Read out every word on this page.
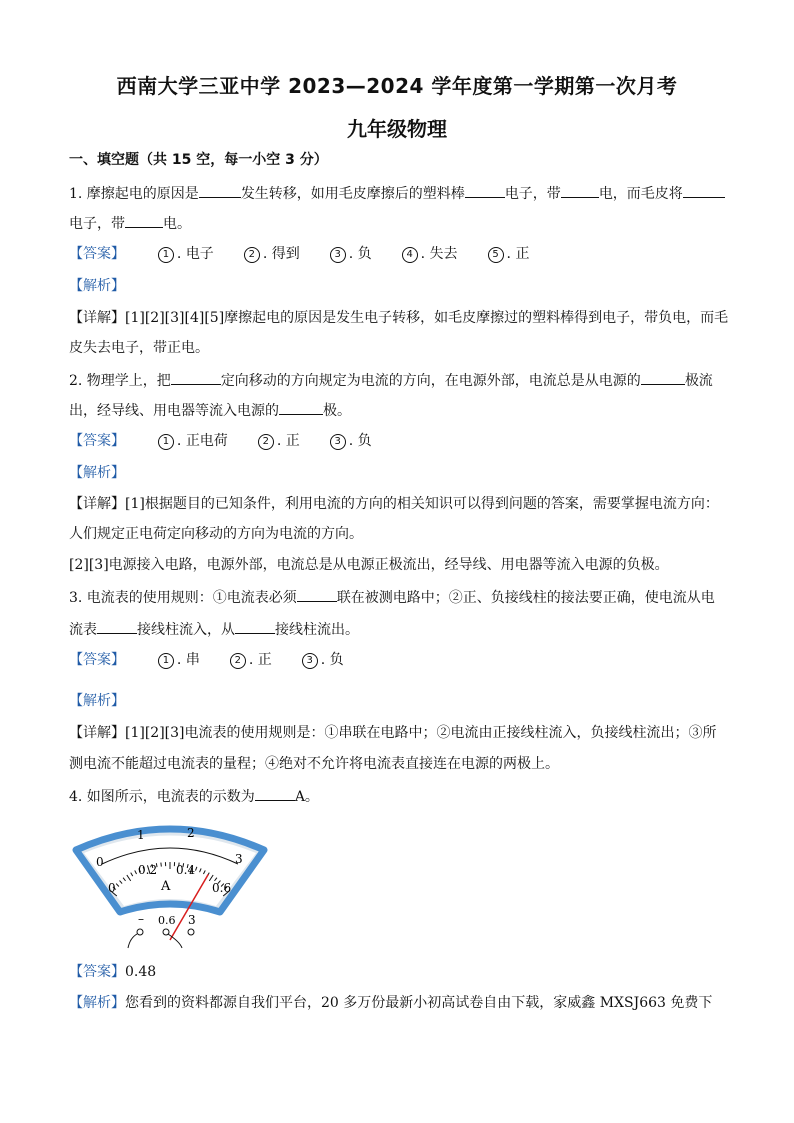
西南大学三亚中学 2023—2024 学年度第一学期第一次月考
九年级物理
一、填空题（共 15 空，每一小空 3 分）
1. 摩擦起电的原因是	发生转移，如用毛皮摩擦后的塑料棒	电子，带	电，而毛皮将
电子，带	电。
【答案】	1 . 电子	2 . 得到	3 . 负	4 . 失去	5 . 正
【解析】
【详解】[1][2][3][4][5]摩擦起电的原因是发生电子转移，如毛皮摩擦过的塑料棒得到电子，带负电，而毛
皮失去电子，带正电。
2. 物理学上，把	定向移动的方向规定为电流的方向，在电源外部，电流总是从电源的	极流
出，经导线、用电器等流入电源的	极。
【答案】	1 . 正电荷	2 . 正	3 . 负
【解析】
【详解】[1]根据题目的已知条件，利用电流的方向的相关知识可以得到问题的答案，需要掌握电流方向：
人们规定正电荷定向移动的方向为电流的方向。
[2][3]电源接入电路，电源外部，电流总是从电源正极流出，经导线、用电器等流入电源的负极。
3. 电流表的使用规则：①电流表必须	联在被测电路中；②正、负接线柱的接法要正确，使电流从电
流表	接线柱流入，从	接线柱流出。
【答案】	1 . 串	2 . 正	3 . 负
【解析】
【详解】[1][2][3]电流表的使用规则是：①串联在电路中；②电流由正接线柱流入，负接线柱流出；③所
测电流不能超过电流表的量程；④绝对不允许将电流表直接连在电源的两极上。
4. 如图所示，电流表的示数为	A。
0
1	2
3
0
0.2 0.4
0.6
A
– 0.6 3
【答案】0.48
【解析】您看到的资料都源自我们平台，20 多万份最新小初高试卷自由下载，家威鑫 MXSJ663 免费下
